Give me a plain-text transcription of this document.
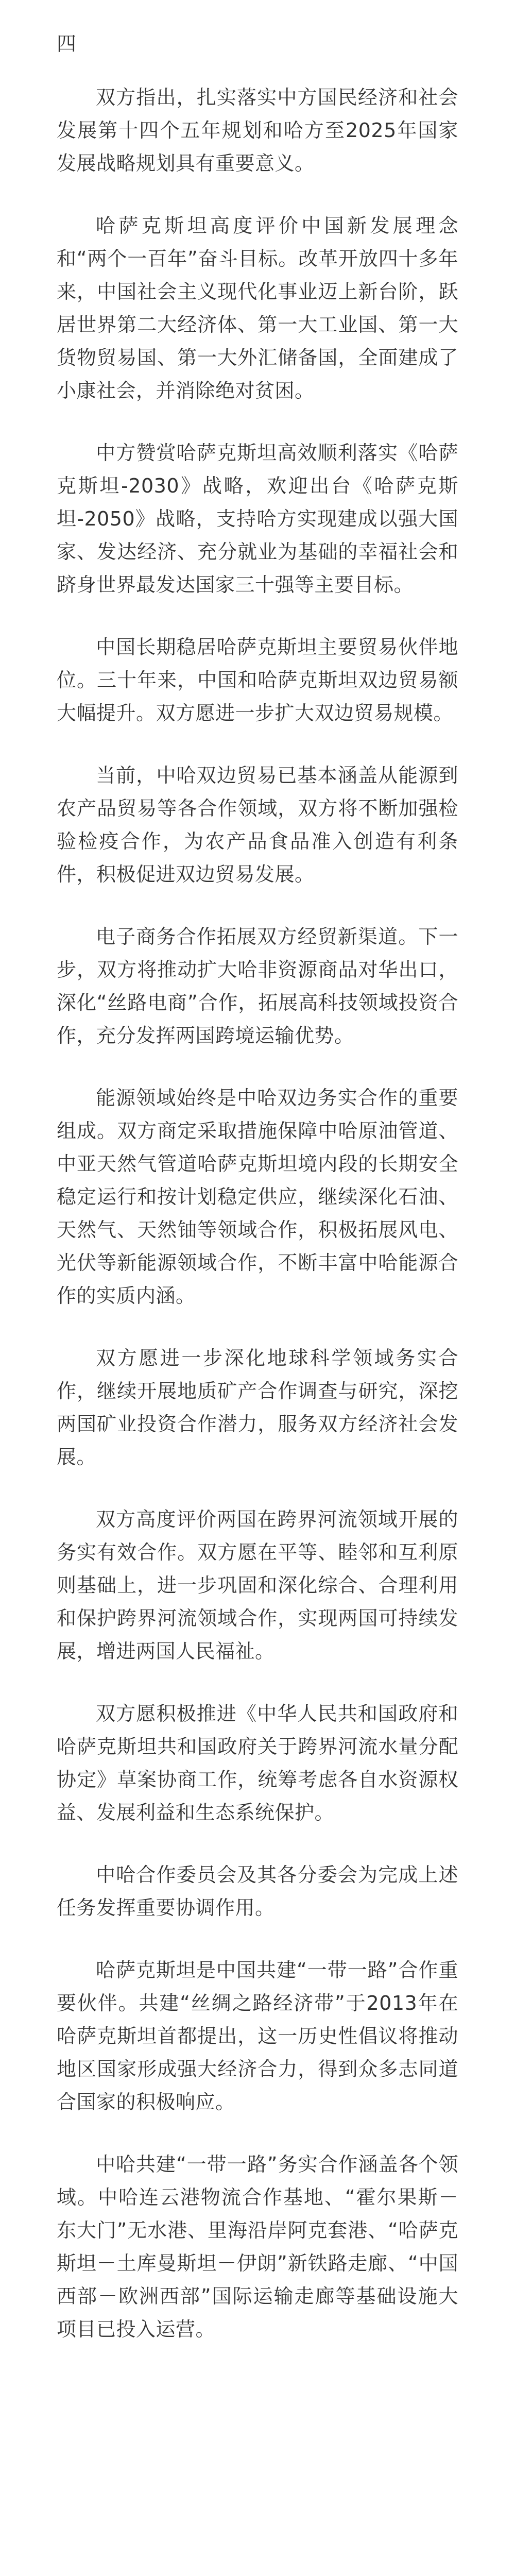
四

双方指出，扎实落实中方国民经济和社会发展第十四个五年规划和哈方至2025年国家发展战略规划具有重要意义。

哈萨克斯坦高度评价中国新发展理念和“两个一百年”奋斗目标。改革开放四十多年来，中国社会主义现代化事业迈上新台阶，跃居世界第二大经济体、第一大工业国、第一大货物贸易国、第一大外汇储备国，全面建成了小康社会，并消除绝对贫困。

中方赞赏哈萨克斯坦高效顺利落实《哈萨克斯坦-2030》战略，欢迎出台《哈萨克斯坦-2050》战略，支持哈方实现建成以强大国家、发达经济、充分就业为基础的幸福社会和跻身世界最发达国家三十强等主要目标。

中国长期稳居哈萨克斯坦主要贸易伙伴地位。三十年来，中国和哈萨克斯坦双边贸易额大幅提升。双方愿进一步扩大双边贸易规模。

当前，中哈双边贸易已基本涵盖从能源到农产品贸易等各合作领域，双方将不断加强检验检疫合作，为农产品食品准入创造有利条件，积极促进双边贸易发展。

电子商务合作拓展双方经贸新渠道。下一步，双方将推动扩大哈非资源商品对华出口，深化“丝路电商”合作，拓展高科技领域投资合作，充分发挥两国跨境运输优势。

能源领域始终是中哈双边务实合作的重要组成。双方商定采取措施保障中哈原油管道、中亚天然气管道哈萨克斯坦境内段的长期安全稳定运行和按计划稳定供应，继续深化石油、天然气、天然铀等领域合作，积极拓展风电、光伏等新能源领域合作，不断丰富中哈能源合作的实质内涵。

双方愿进一步深化地球科学领域务实合作，继续开展地质矿产合作调查与研究，深挖两国矿业投资合作潜力，服务双方经济社会发展。

双方高度评价两国在跨界河流领域开展的务实有效合作。双方愿在平等、睦邻和互利原则基础上，进一步巩固和深化综合、合理利用和保护跨界河流领域合作，实现两国可持续发展，增进两国人民福祉。

双方愿积极推进《中华人民共和国政府和哈萨克斯坦共和国政府关于跨界河流水量分配协定》草案协商工作，统筹考虑各自水资源权益、发展利益和生态系统保护。

中哈合作委员会及其各分委会为完成上述任务发挥重要协调作用。

哈萨克斯坦是中国共建“一带一路”合作重要伙伴。共建“丝绸之路经济带”于2013年在哈萨克斯坦首都提出，这一历史性倡议将推动地区国家形成强大经济合力，得到众多志同道合国家的积极响应。

中哈共建“一带一路”务实合作涵盖各个领域。中哈连云港物流合作基地、“霍尔果斯－东大门”无水港、里海沿岸阿克套港、“哈萨克斯坦－土库曼斯坦－伊朗”新铁路走廊、“中国西部－欧洲西部”国际运输走廊等基础设施大项目已投入运营。
